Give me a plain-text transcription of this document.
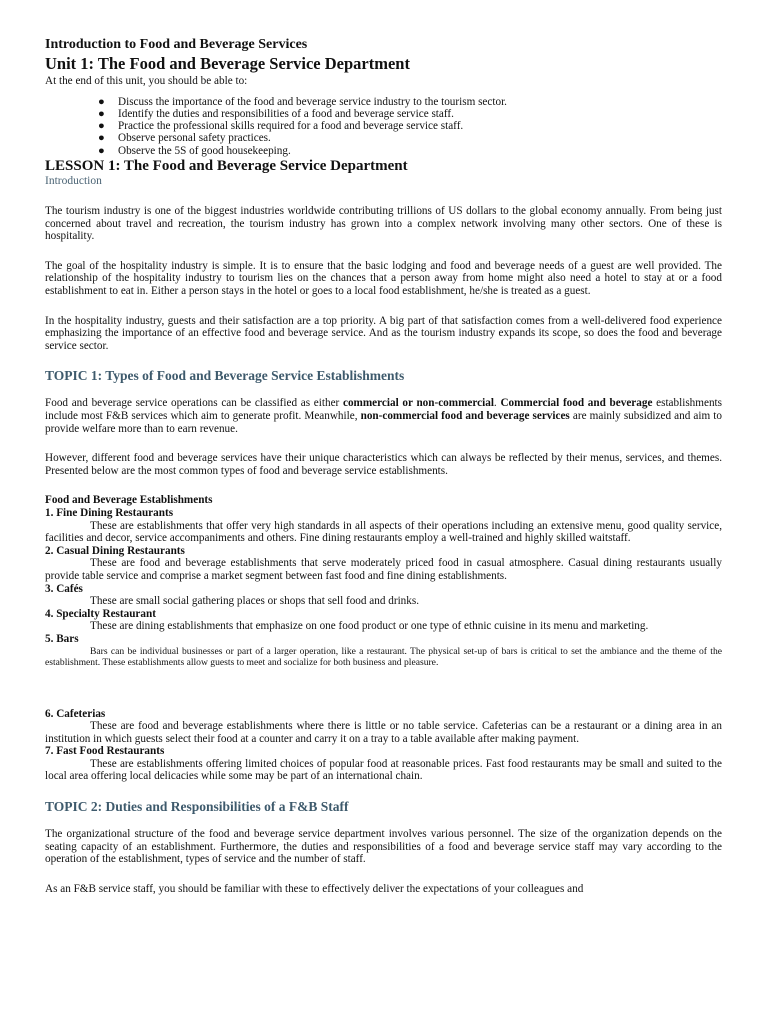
Introduction to Food and Beverage Services
Unit 1: The Food and Beverage Service Department
At the end of this unit, you should be able to:
● Discuss the importance of the food and beverage service industry to the tourism sector.
● Identify the duties and responsibilities of a food and beverage service staff.
● Practice the professional skills required for a food and beverage service staff.
● Observe personal safety practices.
● Observe the 5S of good housekeeping.
LESSON 1: The Food and Beverage Service Department
Introduction

The tourism industry is one of the biggest industries worldwide contributing trillions of US dollars to the global economy annually. From being just concerned about travel and recreation, the tourism industry has grown into a complex network involving many other sectors. One of these is hospitality.

The goal of the hospitality industry is simple. It is to ensure that the basic lodging and food and beverage needs of a guest are well provided. The relationship of the hospitality industry to tourism lies on the chances that a person away from home might also need a hotel to stay at or a food establishment to eat in. Either a person stays in the hotel or goes to a local food establishment, he/she is treated as a guest.

In the hospitality industry, guests and their satisfaction are a top priority. A big part of that satisfaction comes from a well-delivered food experience emphasizing the importance of an effective food and beverage service. And as the tourism industry expands its scope, so does the food and beverage service sector.

TOPIC 1: Types of Food and Beverage Service Establishments

Food and beverage service operations can be classified as either commercial or non-commercial. Commercial food and beverage establishments include most F&B services which aim to generate profit. Meanwhile, non-commercial food and beverage services are mainly subsidized and aim to provide welfare more than to earn revenue.

However, different food and beverage services have their unique characteristics which can always be reflected by their menus, services, and themes. Presented below are the most common types of food and beverage service establishments.

Food and Beverage Establishments
1. Fine Dining Restaurants

These are establishments that offer very high standards in all aspects of their operations including an extensive menu, good quality service, facilities and decor, service accompaniments and others. Fine dining restaurants employ a well-trained and highly skilled waitstaff.

2. Casual Dining Restaurants

These are food and beverage establishments that serve moderately priced food in casual atmosphere. Casual dining restaurants usually provide table service and comprise a market segment between fast food and fine dining establishments.

3. Cafés

These are small social gathering places or shops that sell food and drinks.

4. Specialty Restaurant

These are dining establishments that emphasize on one food product or one type of ethnic cuisine in its menu and marketing.

5. Bars

Bars can be individual businesses or part of a larger operation, like a restaurant. The physical set-up of bars is critical to set the ambiance and the theme of the establishment. These establishments allow guests to meet and socialize for both business and pleasure.

6. Cafeterias

These are food and beverage establishments where there is little or no table service. Cafeterias can be a restaurant or a dining area in an institution in which guests select their food at a counter and carry it on a tray to a table available after making payment.

7. Fast Food Restaurants

These are establishments offering limited choices of popular food at reasonable prices. Fast food restaurants may be small and suited to the local area offering local delicacies while some may be part of an international chain.

TOPIC 2: Duties and Responsibilities of a F&B Staff

The organizational structure of the food and beverage service department involves various personnel. The size of the organization depends on the seating capacity of an establishment. Furthermore, the duties and responsibilities of a food and beverage service staff may vary according to the operation of the establishment, types of service and the number of staff.

As an F&B service staff, you should be familiar with these to effectively deliver the expectations of your colleagues and
